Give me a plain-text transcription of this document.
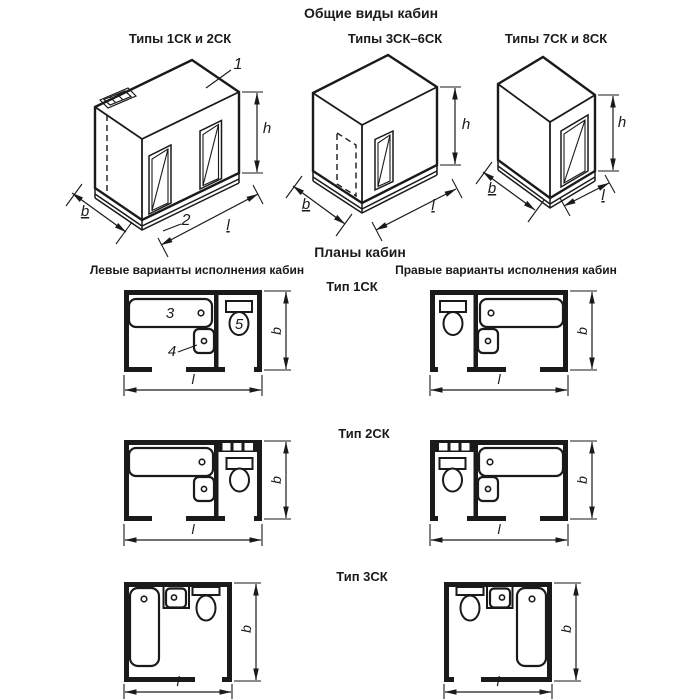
Общие виды кабин
Типы 1СК и 2СК	Типы 3СК–6СК	Типы 7СК и 8СК
Планы кабин
Левые варианты исполнения кабин	Правые варианты исполнения кабин
Тип 1СК
Тип 2СК
Тип 3СК
h
b
l
1
2
h
b	l
h
b	l
3
4
5 b
l
b
l
b
l
b
l
b
l
b
l
